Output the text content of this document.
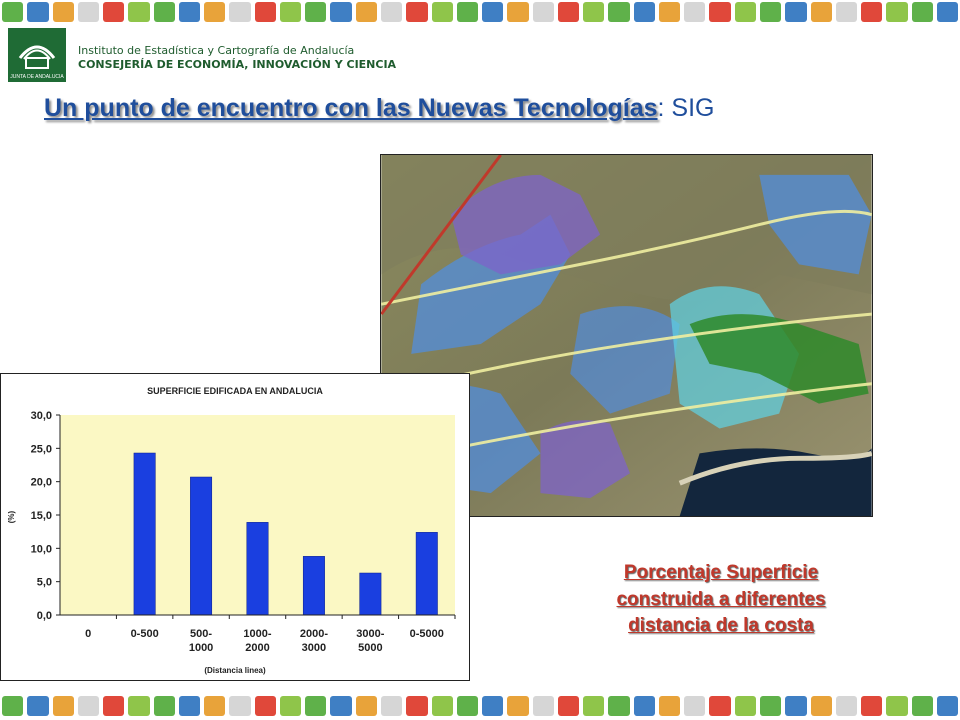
JUNTA DE ANDALUCIA
Instituto de Estadística y Cartografía de Andalucía
CONSEJERÍA DE ECONOMÍA, INNOVACIÓN Y CIENCIA
Un punto de encuentro con las Nuevas Tecnologías: SIG
SUPERFICIE EDIFICADA EN ANDALUCIA
0,0
5,0
10,0
15,0
20,0
25,0
30,0
0	0-500	500-1000
1000-2000
2000-3000
3000-5000
0-5000
(%)
(Distancia linea)
Porcentaje Superficie
construida a diferentes
distancia de la costa
